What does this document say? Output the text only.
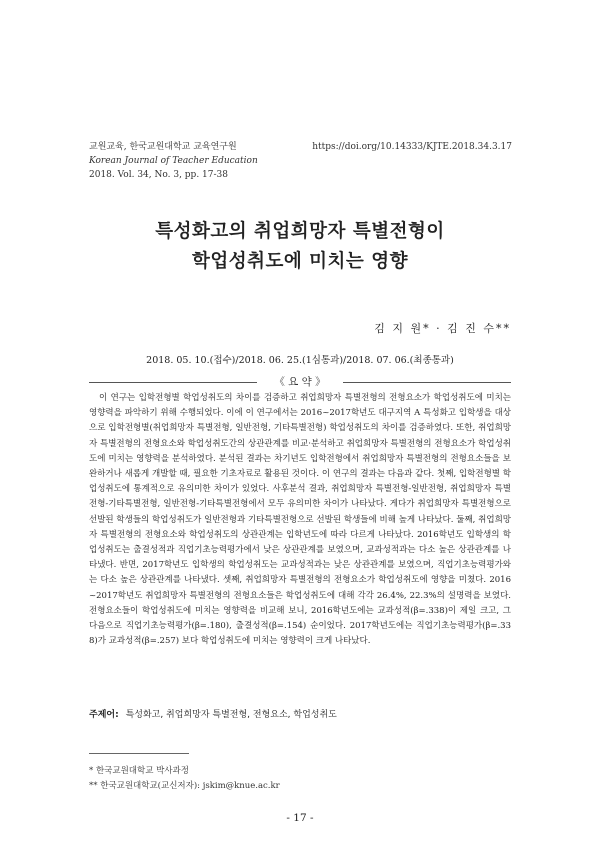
교원교육, 한국교원대학교 교육연구원
Korean Journal of Teacher Education
2018. Vol. 34, No. 3, pp. 17-38
https://doi.org/10.14333/KJTE.2018.34.3.17
특성화고의 취업희망자 특별전형이
학업성취도에 미치는 영향
김 지 원* · 김 진 수**
2018. 05. 10.(접수)/2018. 06. 25.(1심통과)/2018. 07. 06.(최종통과)
《 요 약 》
이 연구는 입학전형별 학업성취도의 차이를 검증하고 취업희망자 특별전형의 전형요소가 학업성취도에 미치는 영향력을 파악하기 위해 수행되었다. 이에 이 연구에서는 2016~2017학년도 대구지역 A 특성화고 입학생을 대상으로 입학전형별(취업희망자 특별전형, 일반전형, 기타특별전형) 학업성취도의 차이를 검증하였다. 또한, 취업희망자 특별전형의 전형요소와 학업성취도간의 상관관계를 비교·분석하고 취업희망자 특별전형의 전형요소가 학업성취도에 미치는 영향력을 분석하였다. 분석된 결과는 차기년도 입학전형에서 취업희망자 특별전형의 전형요소들을 보완하거나 새롭게 개발할 때, 필요한 기초자료로 활용된 것이다. 이 연구의 결과는 다음과 같다. 첫째, 입학전형별 학업성취도에 통계적으로 유의미한 차이가 있었다. 사후분석 결과, 취업희망자 특별전형-일반전형, 취업희망자 특별전형-기타특별전형, 일반전형-기타특별전형에서 모두 유의미한 차이가 나타났다. 게다가 취업희망자 특별전형으로 선발된 학생들의 학업성취도가 일반전형과 기타특별전형으로 선발된 학생들에 비해 높게 나타났다. 둘째, 취업희망자 특별전형의 전형요소와 학업성취도의 상관관계는 입학년도에 따라 다르게 나타났다. 2016학년도 입학생의 학업성취도는 출결성적과 직업기초능력평가에서 낮은 상관관계를 보였으며, 교과성적과는 다소 높은 상관관계를 나타냈다. 반면, 2017학년도 입학생의 학업성취도는 교과성적과는 낮은 상관관계를 보였으며, 직업기초능력평가와는 다소 높은 상관관계를 나타냈다. 셋째, 취업희망자 특별전형의 전형요소가 학업성취도에 영향을 미쳤다. 2016~2017학년도 취업희망자 특별전형의 전형요소들은 학업성취도에 대해 각각 26.4%, 22.3%의 설명력을 보였다. 전형요소들이 학업성취도에 미치는 영향력을 비교해 보니, 2016학년도에는 교과성적(β=.338)이 제일 크고, 그 다음으로 직업기초능력평가(β=.180), 출결성적(β=.154) 순이었다. 2017학년도에는 직업기초능력평가(β=.338)가 교과성적(β=.257) 보다 학업성취도에 미치는 영향력이 크게 나타났다.
주제어: 특성화고, 취업희망자 특별전형, 전형요소, 학업성취도
* 한국교원대학교 박사과정
** 한국교원대학교(교신저자): jskim@knue.ac.kr
- 17 -
